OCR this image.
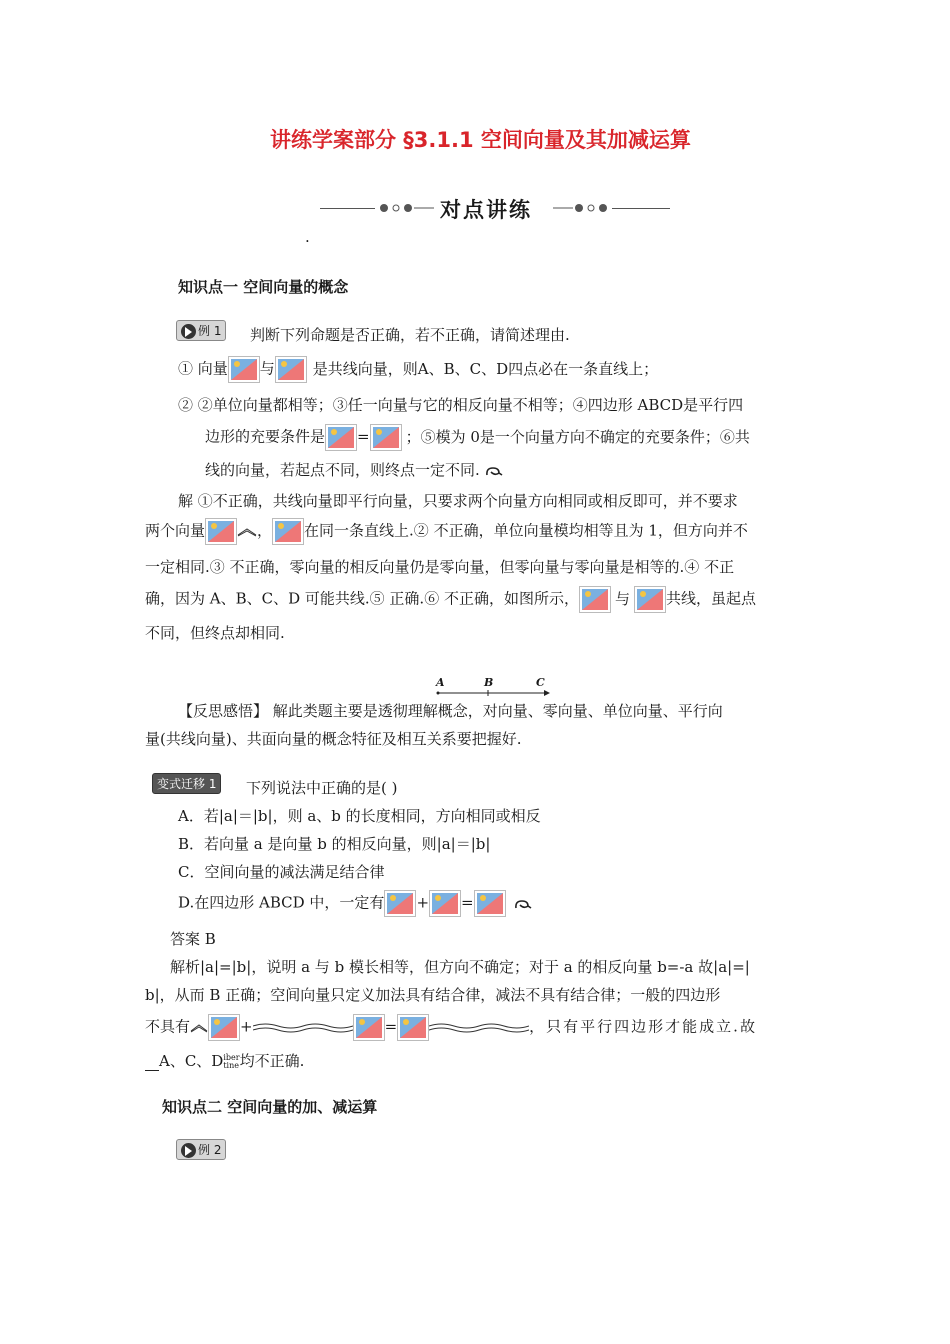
讲练学案部分 §3.1.1 空间向量及其加减运算
对点讲练
.
知识点一 空间向量的概念
例 1	判断下列命题是否正确，若不正确，请简述理由.
① 向量 与	是共线向量，则A、B、C、D四点必在一条直线上；
② ②单位向量都相等；③任一向量与它的相反向量不相等；④四边形 ABCD是平行四
边形的充要条件是 = ；⑤模为 0是一个向量方向不确定的充要条件；⑥共
线的向量，若起点不同，则终点一定不同.
解 ①不正确，共线向量即平行向量，只要求两个向量方向相同或相反即可，并不要求
两个向量	， 在同一条直线上.② 不正确，单位向量模均相等且为 1，但方向并不
一定相同.③ 不正确，零向量的相反向量仍是零向量，但零向量与零向量是相等的.④ 不正
确，因为 A、B、C、D 可能共线.⑤ 正确.⑥ 不正确，如图所示， 与 共线，虽起点
不同，但终点却相同.
A	B	C
【反思感悟】 解此类题主要是透彻理解概念，对向量、零向量、单位向量、平行向
量(共线向量)、共面向量的概念特征及相互关系要把握好.
变式迁移 1	下列说法中正确的是( )
A．若|a|＝|b|，则 a、b 的长度相同，方向相同或相反
B．若向量 a 是向量 b 的相反向量，则|a|＝|b|
C．空间向量的减法满足结合律
D.在四边形 ABCD 中，一定有 + =

答案 B
解析|a|=|b|，说明 a 与 b 模长相等，但方向不确定；对于 a 的相反向量 b=-a 故|a|=|
b|，从而 B 正确；空间向量只定义加法具有结合律，减法不具有结合律；一般的四边形
不具有	+	=	，只有平行四边形才能成立.故
A、C、D iber
tine 均不正确.
知识点二 空间向量的加、减运算
例 2
